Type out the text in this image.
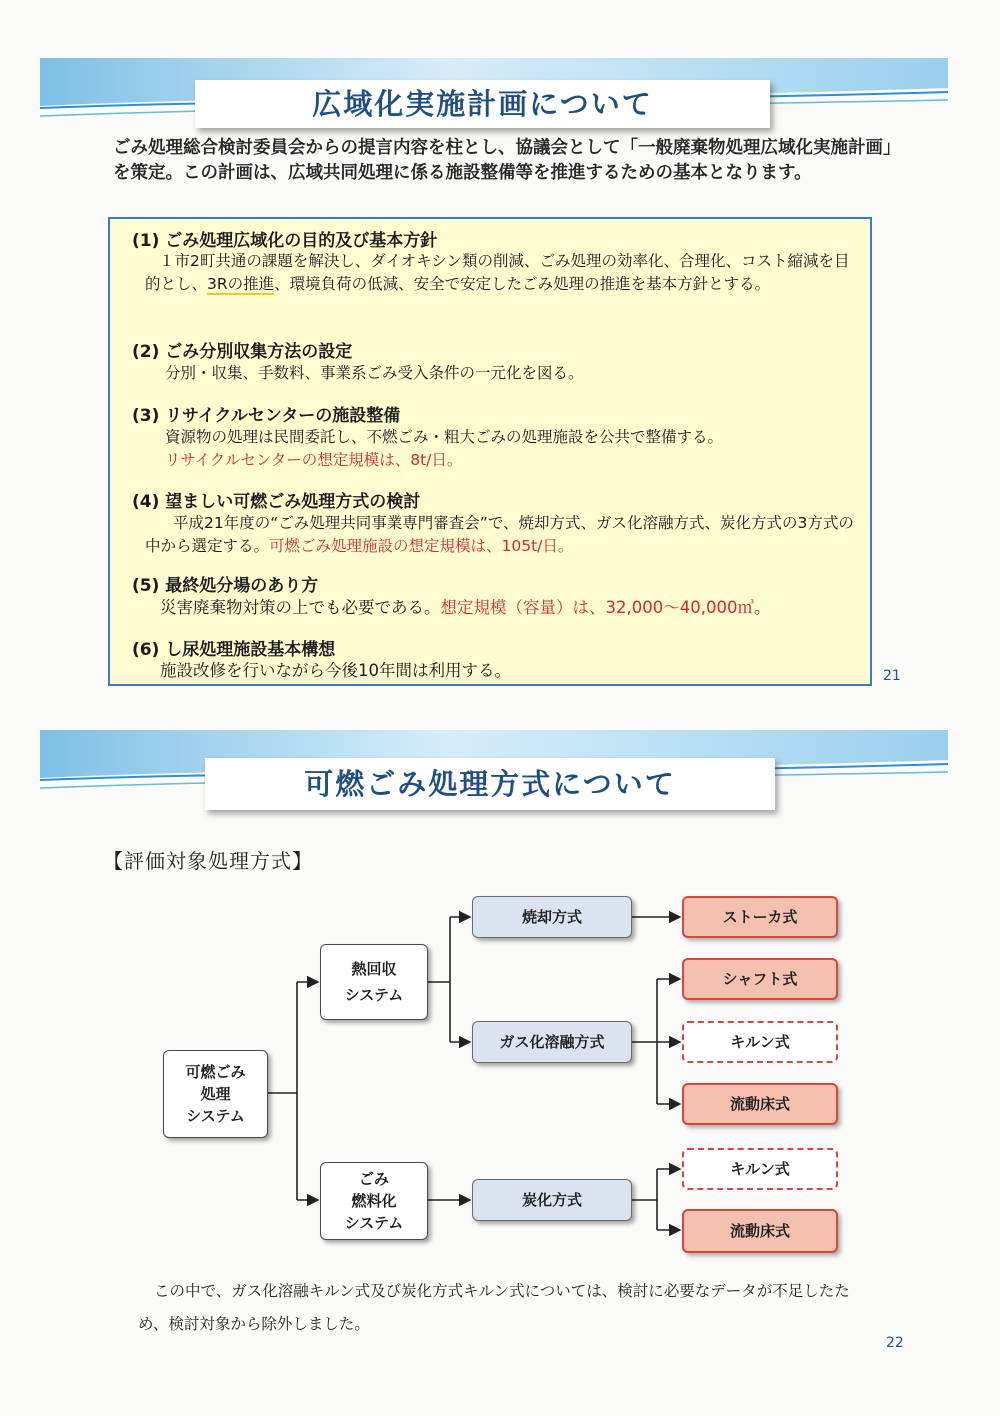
広域化実施計画について
ごみ処理総合検討委員会からの提言内容を柱とし、協議会として「一般廃棄物処理広域化実施計画」を策定。この計画は、広域共同処理に係る施設整備等を推進するための基本となります。
(1) ごみ処理広域化の目的及び基本方針
１市2町共通の課題を解決し、ダイオキシン類の削減、ごみ処理の効率化、合理化、コスト縮減を目的とし、3Rの推進、環境負荷の低減、安全で安定したごみ処理の推進を基本方針とする。
(2) ごみ分別収集方法の設定
分別・収集、手数料、事業系ごみ受入条件の一元化を図る。
(3) リサイクルセンターの施設整備
資源物の処理は民間委託し、不燃ごみ・粗大ごみの処理施設を公共で整備する。
リサイクルセンターの想定規模は、8t/日。
(4) 望ましい可燃ごみ処理方式の検討
平成21年度の“ごみ処理共同事業専門審査会”で、焼却方式、ガス化溶融方式、炭化方式の3方式の中から選定する。可燃ごみ処理施設の想定規模は、105t/日。
(5) 最終処分場のあり方
災害廃棄物対策の上でも必要である。想定規模（容量）は、32,000～40,000㎥。
(6) し尿処理施設基本構想
施設改修を行いながら今後10年間は利用する。	21
可燃ごみ処理方式について
【評価対象処理方式】
可燃ごみ
処理
システム
熱回収
システム
ごみ
燃料化
システム
焼却方式
ガス化溶融方式
炭化方式
ストーカ式
シャフト式
キルン式
流動床式
キルン式
流動床式
この中で、ガス化溶融キルン式及び炭化方式キルン式については、検討に必要なデータが不足したため、検討対象から除外しました。
22
